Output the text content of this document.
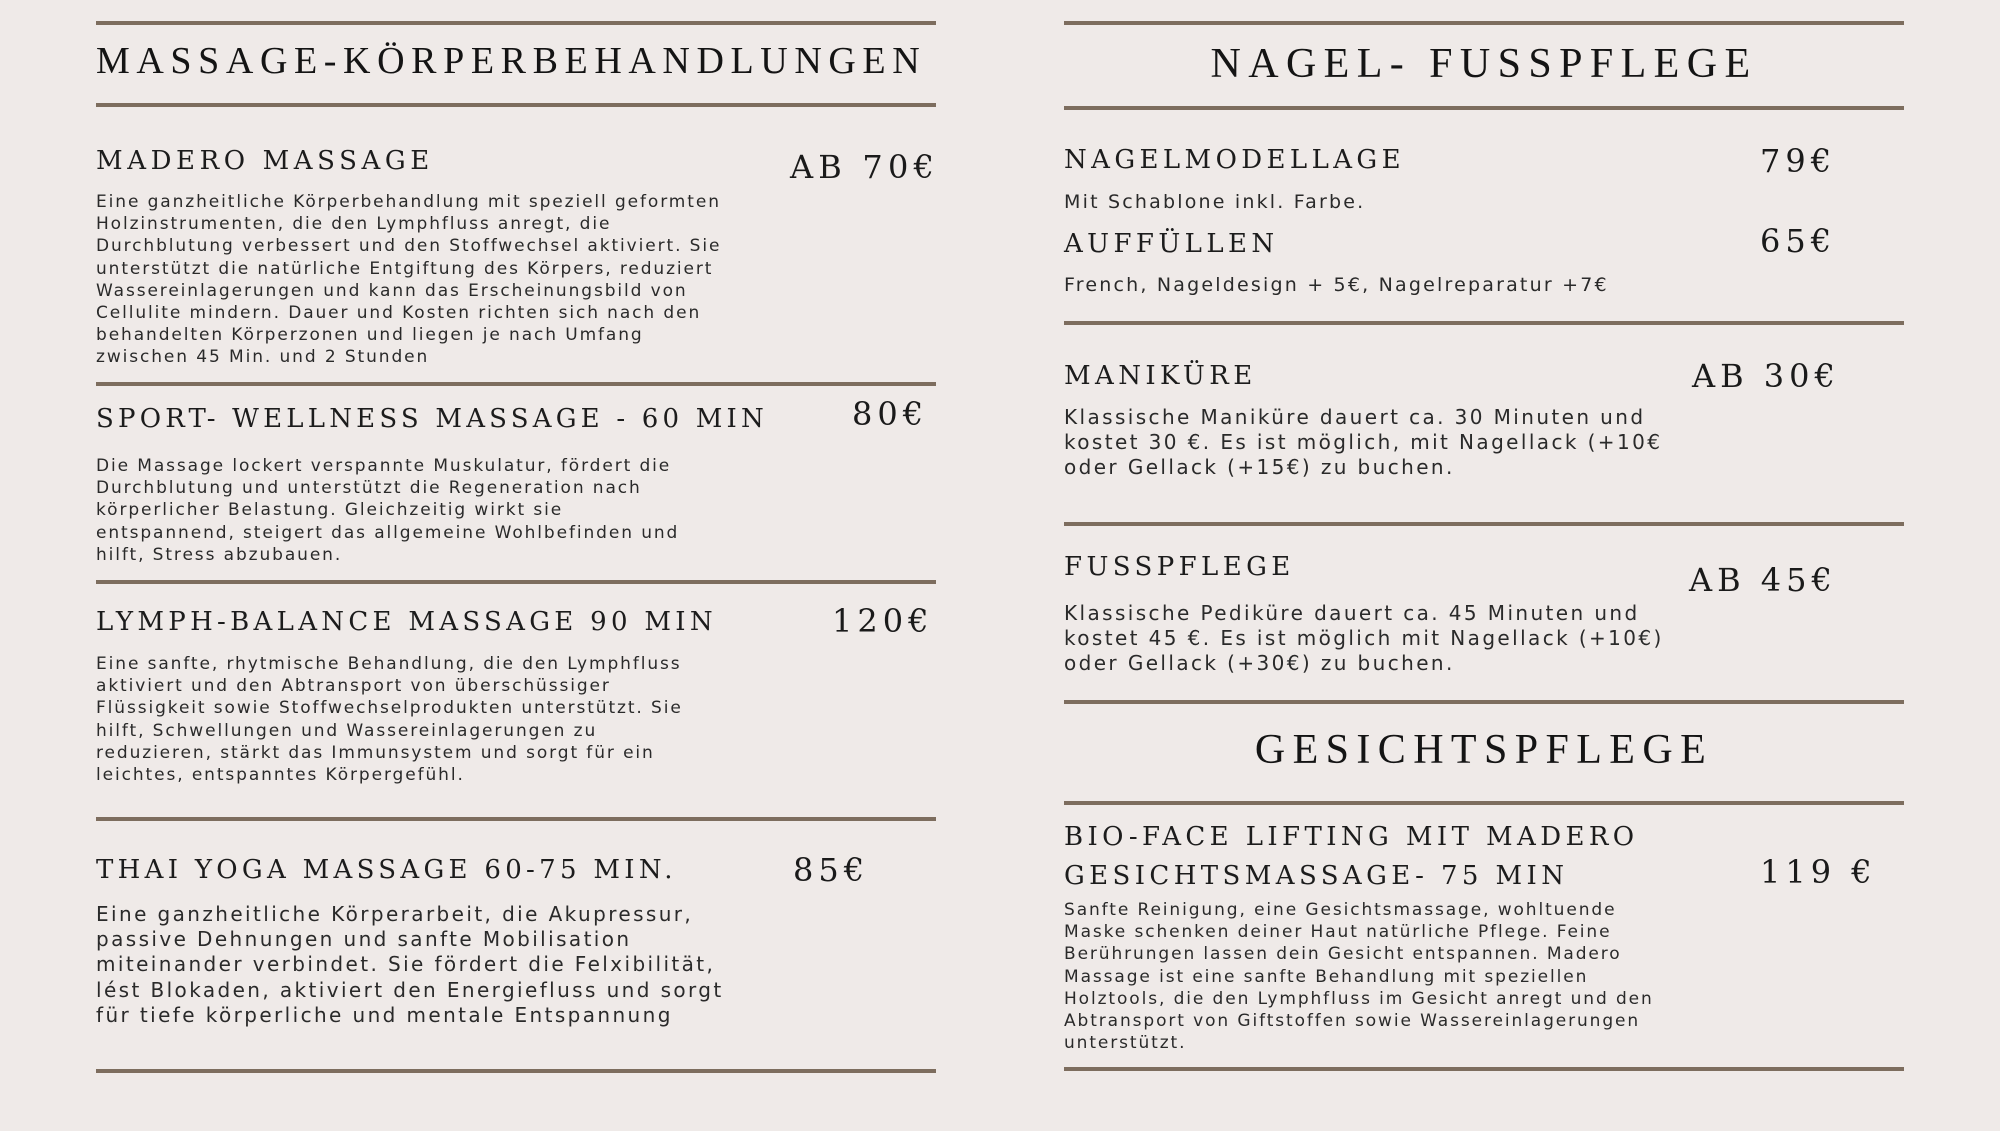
MASSAGE-KÖRPERBEHANDLUNGEN
MADERO MASSAGE	AB 70€

Eine ganzheitliche Körperbehandlung mit speziell geformten
Holzinstrumenten, die den Lymphfluss anregt, die
Durchblutung verbessert und den Stoffwechsel aktiviert. Sie
unterstützt die natürliche Entgiftung des Körpers, reduziert
Wassereinlagerungen und kann das Erscheinungsbild von
Cellulite mindern. Dauer und Kosten richten sich nach den
behandelten Körperzonen und liegen je nach Umfang
zwischen 45 Min. und 2 Stunden

SPORT- WELLNESS MASSAGE - 60 MIN	80€

Die Massage lockert verspannte Muskulatur, fördert die
Durchblutung und unterstützt die Regeneration nach
körperlicher Belastung. Gleichzeitig wirkt sie
entspannend, steigert das allgemeine Wohlbefinden und
hilft, Stress abzubauen.

LYMPH-BALANCE MASSAGE 90 MIN	120€

Eine sanfte, rhytmische Behandlung, die den Lymphfluss
aktiviert und den Abtransport von überschüssiger
Flüssigkeit sowie Stoffwechselprodukten unterstützt. Sie
hilft, Schwellungen und Wassereinlagerungen zu
reduzieren, stärkt das Immunsystem und sorgt für ein
leichtes, entspanntes Körpergefühl.

THAI YOGA MASSAGE 60-75 MIN.	85€

Eine ganzheitliche Körperarbeit, die Akupressur,
passive Dehnungen und sanfte Mobilisation
miteinander verbindet. Sie fördert die Felxibilität,
lést Blokaden, aktiviert den Energiefluss und sorgt
für tiefe körperliche und mentale Entspannung

NAGEL- FUSSPFLEGE
NAGELMODELLAGE	79€

Mit Schablone inkl. Farbe.

AUFFÜLLEN	65€

French, Nageldesign + 5€, Nagelreparatur +7€

MANIKÜRE	AB 30€

Klassische Maniküre dauert ca. 30 Minuten und
kostet 30 €. Es ist möglich, mit Nagellack (+10€
oder Gellack (+15€) zu buchen.

FUSSPFLEGE	AB 45€

Klassische Pediküre dauert ca. 45 Minuten und
kostet 45 €. Es ist möglich mit Nagellack (+10€)
oder Gellack (+30€) zu buchen.

GESICHTSPFLEGE
BIO-FACE LIFTING MIT MADERO
GESICHTSMASSAGE- 75 MIN	119 €

Sanfte Reinigung, eine Gesichtsmassage, wohltuende
Maske schenken deiner Haut natürliche Pflege. Feine
Berührungen lassen dein Gesicht entspannen. Madero
Massage ist eine sanfte Behandlung mit speziellen
Holztools, die den Lymphfluss im Gesicht anregt und den
Abtransport von Giftstoffen sowie Wassereinlagerungen
unterstützt.
